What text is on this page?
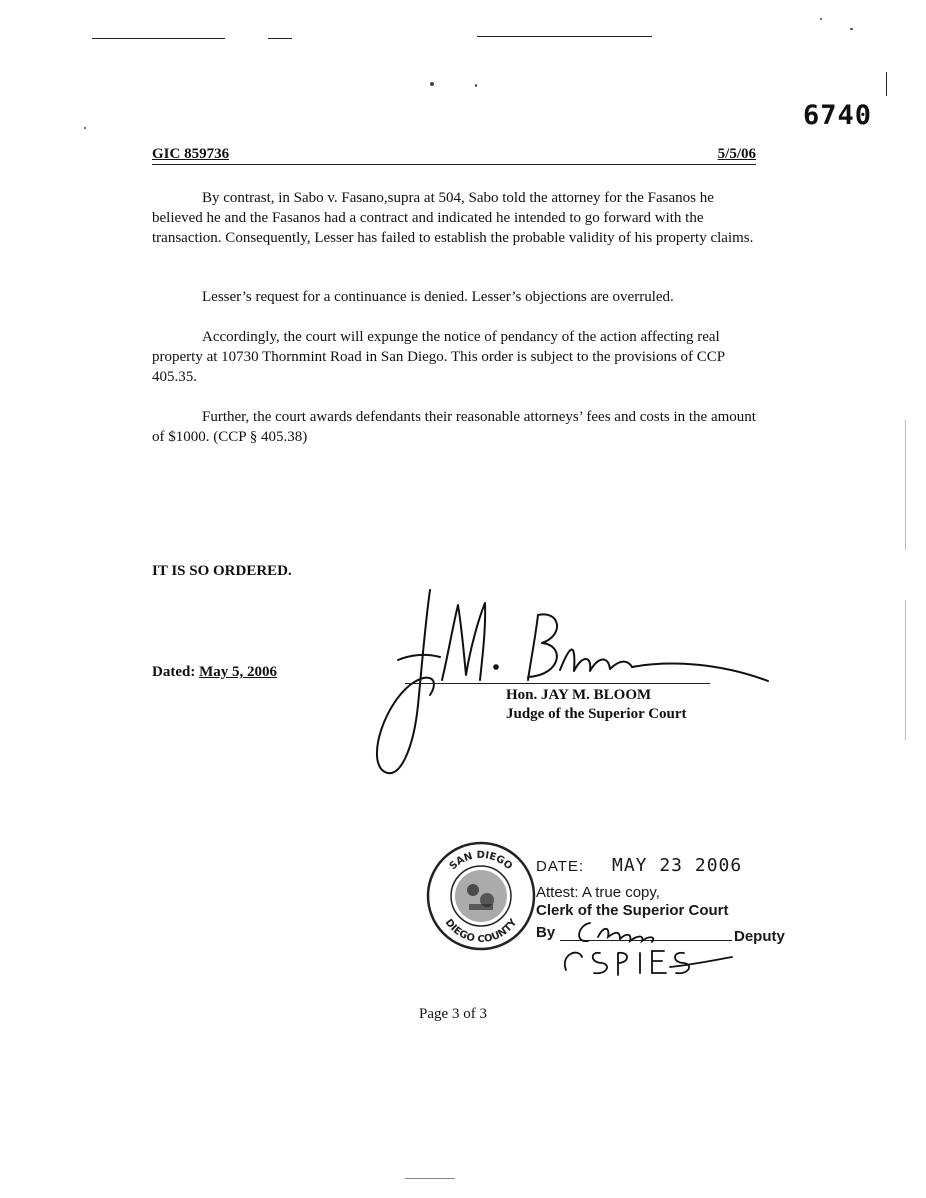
6740
GIC 859736	5/5/06

By contrast, in Sabo v. Fasano,supra at 504, Sabo told the attorney for the Fasanos he believed he and the Fasanos had a contract and indicated he intended to go forward with the transaction. Consequently, Lesser has failed to establish the probable validity of his property claims.

Lesser’s request for a continuance is denied. Lesser’s objections are overruled.

Accordingly, the court will expunge the notice of pendancy of the action affecting real property at 10730 Thornmint Road in San Diego. This order is subject to the provisions of CCP 405.35.

Further, the court awards defendants their reasonable attorneys’ fees and costs in the amount of $1000. (CCP § 405.38)

IT IS SO ORDERED.
Dated: May 5, 2006
Hon. JAY M. BLOOM
Judge of the Superior Court
SAN DIEGO
DIEGO COUNTY
DATE: MAY 23 2006
Attest: A true copy,
Clerk of the Superior Court
By	Deputy
Page 3 of 3
